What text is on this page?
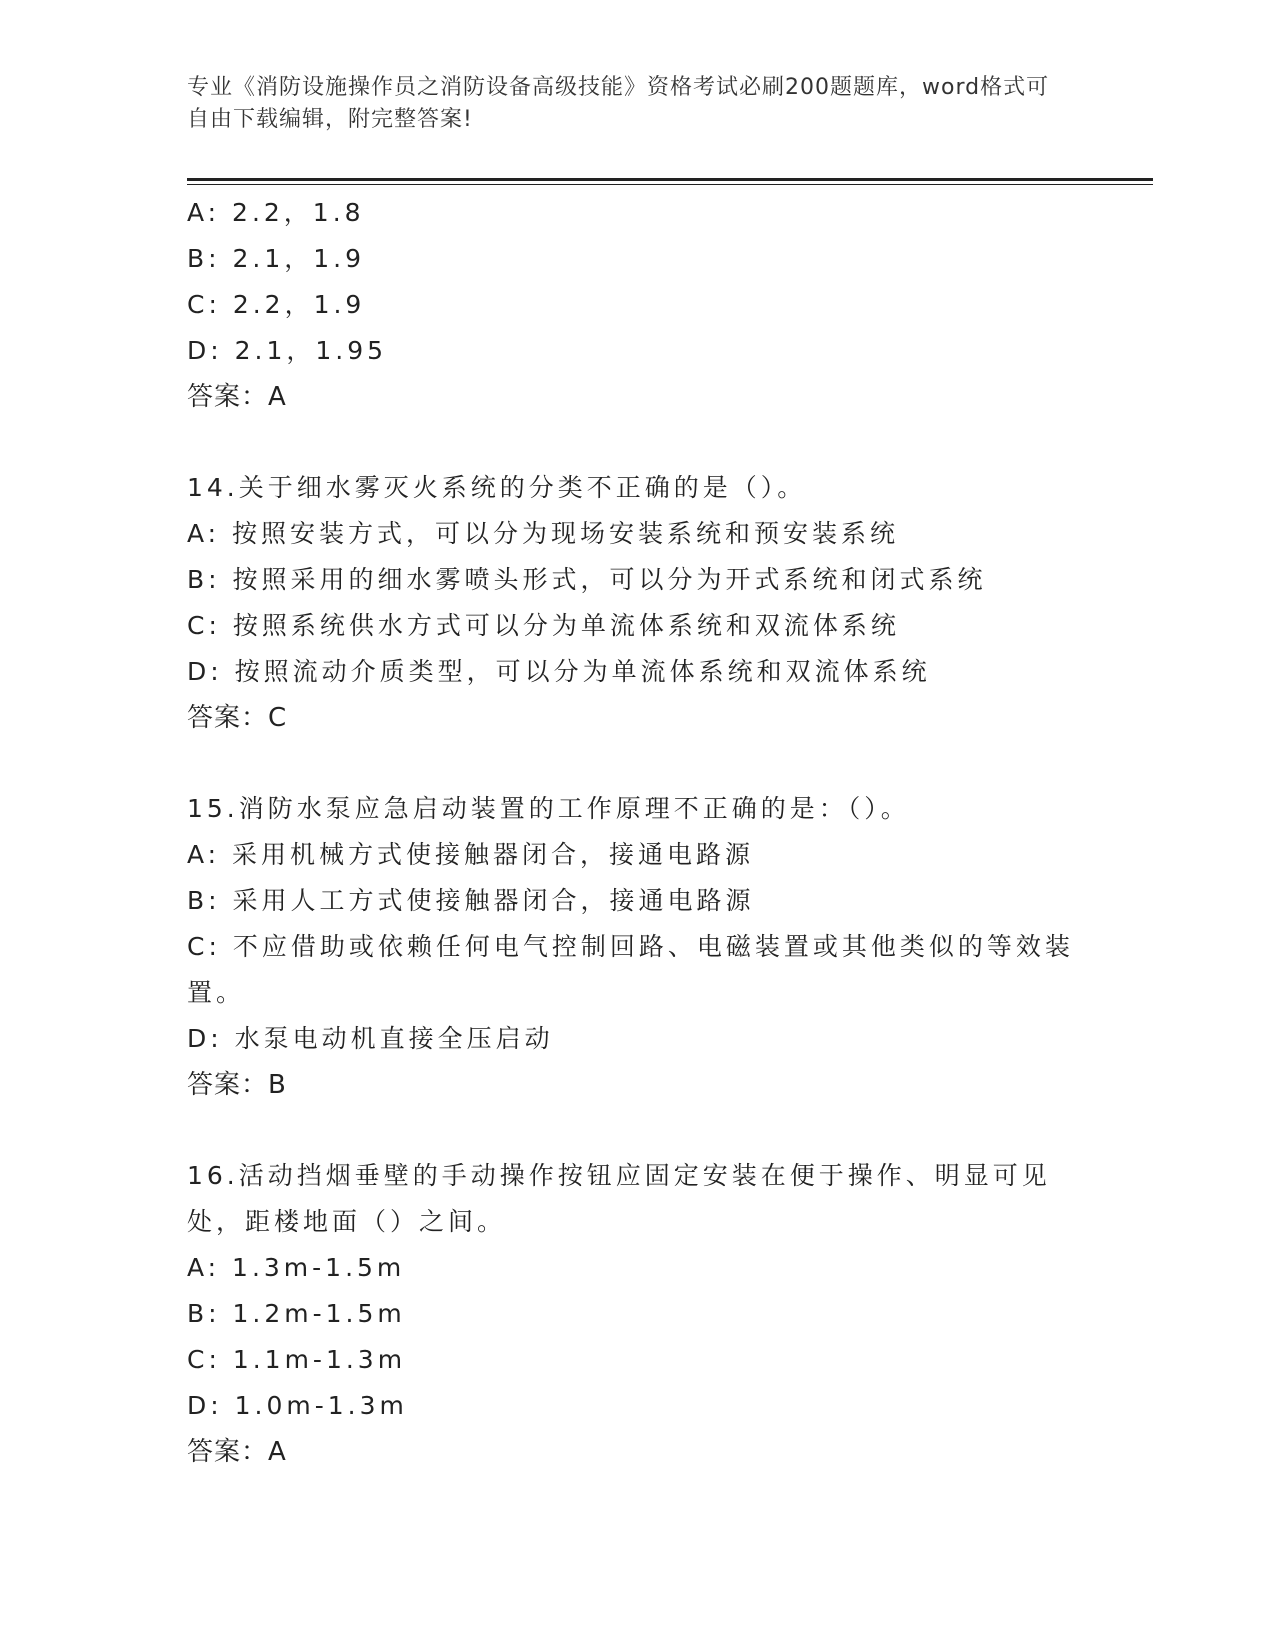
专业《消防设施操作员之消防设备高级技能》资格考试必刷200题题库，word格式可自由下载编辑，附完整答案!
A: 2.2，1.8
B: 2.1，1.9
C: 2.2，1.9
D: 2.1，1.95
答案：A
14.关于细水雾灭火系统的分类不正确的是（）。
A: 按照安装方式，可以分为现场安装系统和预安装系统
B: 按照采用的细水雾喷头形式，可以分为开式系统和闭式系统
C: 按照系统供水方式可以分为单流体系统和双流体系统
D: 按照流动介质类型，可以分为单流体系统和双流体系统
答案：C
15.消防水泵应急启动装置的工作原理不正确的是：（）。
A: 采用机械方式使接触器闭合，接通电路源
B: 采用人工方式使接触器闭合，接通电路源
C: 不应借助或依赖任何电气控制回路、电磁装置或其他类似的等效装置。
D: 水泵电动机直接全压启动
答案：B
16.活动挡烟垂壁的手动操作按钮应固定安装在便于操作、明显可见处，距楼地面（）之间。
A: 1.3m-1.5m
B: 1.2m-1.5m
C: 1.1m-1.3m
D: 1.0m-1.3m
答案：A
